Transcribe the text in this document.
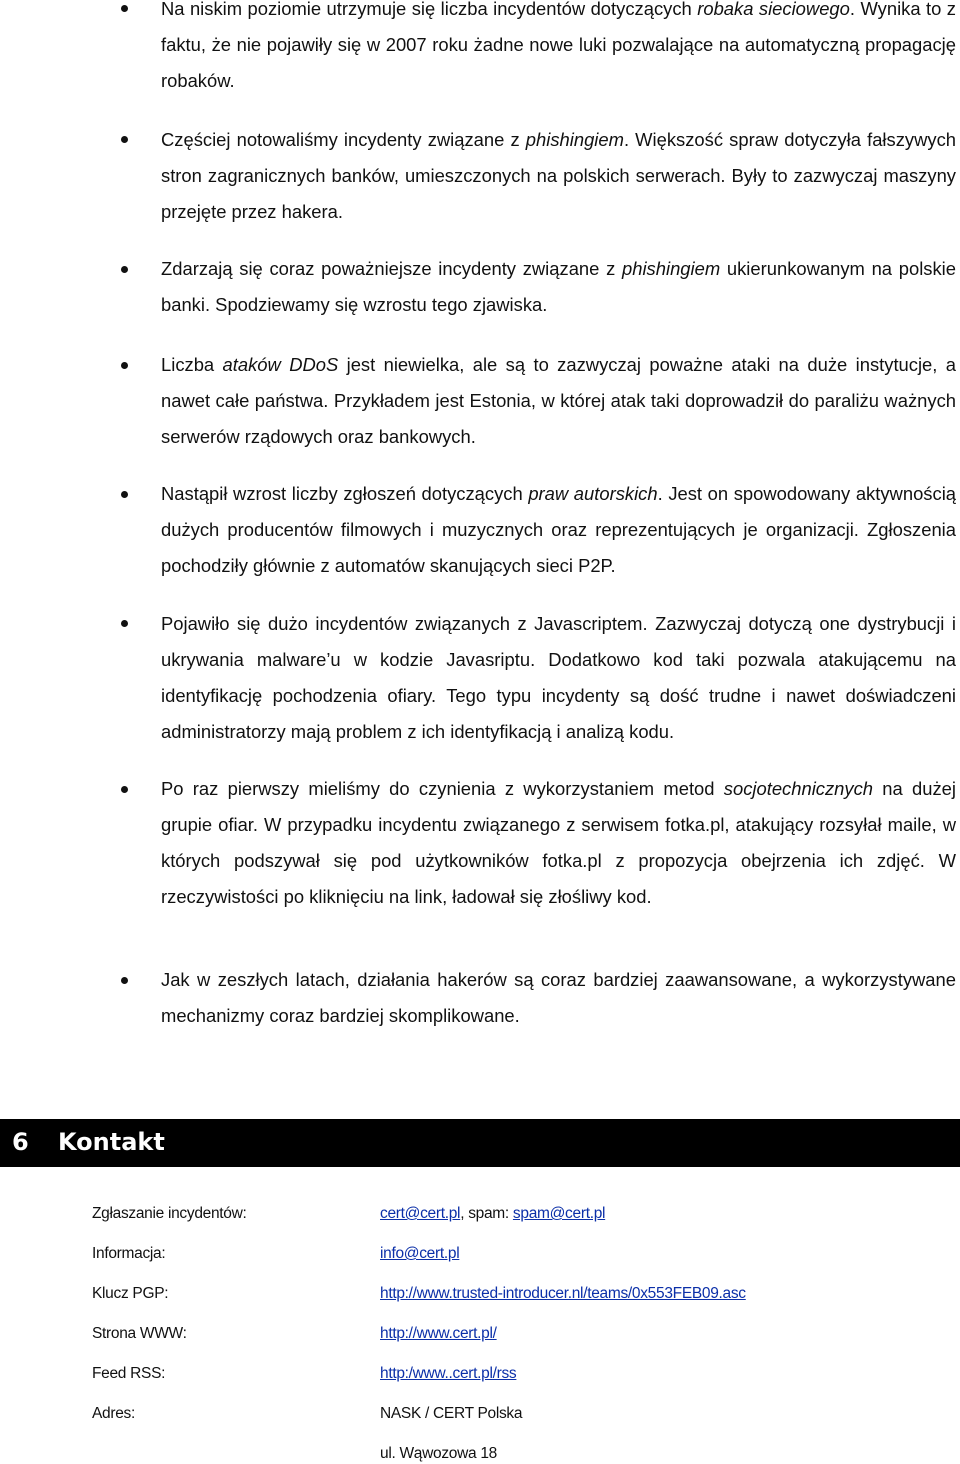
Na niskim poziomie utrzymuje się liczba incydentów dotyczących robaka sieciowego. Wynika to z faktu, że nie pojawiły się w 2007 roku żadne nowe luki pozwalające na automatyczną propagację robaków.
Częściej notowaliśmy incydenty związane z phishingiem. Większość spraw dotyczyła fałszywych stron zagranicznych banków, umieszczonych na polskich serwerach. Były to zazwyczaj maszyny przejęte przez hakera.
Zdarzają się coraz poważniejsze incydenty związane z phishingiem ukierunkowanym na polskie banki. Spodziewamy się wzrostu tego zjawiska.
Liczba ataków DDoS jest niewielka, ale są to zazwyczaj poważne ataki na duże instytucje, a nawet całe państwa. Przykładem jest Estonia, w której atak taki doprowadził do paraliżu ważnych serwerów rządowych oraz bankowych.
Nastąpił wzrost liczby zgłoszeń dotyczących praw autorskich. Jest on spowodowany aktywnością dużych producentów filmowych i muzycznych oraz reprezentujących je organizacji. Zgłoszenia pochodziły głównie z automatów skanujących sieci P2P.
Pojawiło się dużo incydentów związanych z Javascriptem. Zazwyczaj dotyczą one dystrybucji i ukrywania malware’u w kodzie Javasriptu. Dodatkowo kod taki pozwala atakującemu na identyfikację pochodzenia ofiary. Tego typu incydenty są dość trudne i nawet doświadczeni administratorzy mają problem z ich identyfikacją i analizą kodu.
Po raz pierwszy mieliśmy do czynienia z wykorzystaniem metod socjotechnicznych na dużej grupie ofiar. W przypadku incydentu związanego z serwisem fotka.pl, atakujący rozsyłał maile, w których podszywał się pod użytkowników fotka.pl z propozycja obejrzenia ich zdjęć. W rzeczywistości po kliknięciu na link, ładował się złośliwy kod.
Jak w zeszłych latach, działania hakerów są coraz bardziej zaawansowane, a wykorzystywane mechanizmy coraz bardziej skomplikowane.
6 Kontakt
Zgłaszanie incydentów:	cert@cert.pl, spam: spam@cert.pl
Informacja:	info@cert.pl
Klucz PGP:	http://www.trusted-introducer.nl/teams/0x553FEB09.asc
Strona WWW:	http://www.cert.pl/
Feed RSS:	http:/www..cert.pl/rss
Adres:	NASK / CERT Polska
ul. Wąwozowa 18
